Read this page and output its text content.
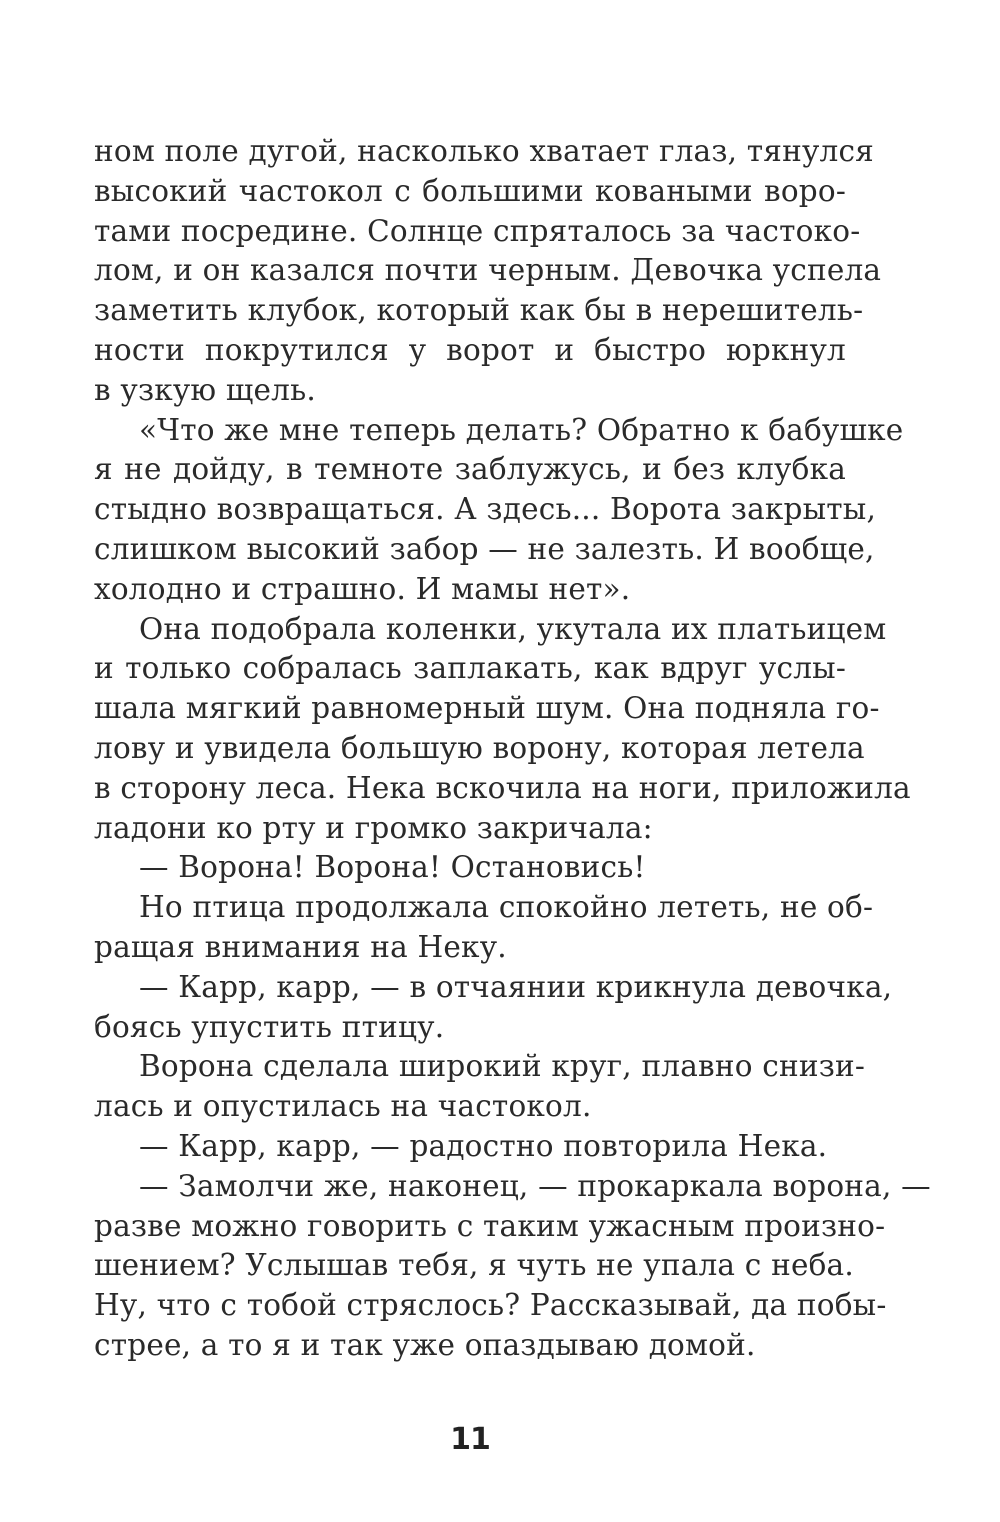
ном поле дугой, насколько хватает глаз, тянулся
высокий частокол с большими коваными воро-
тами посредине. Солнце спряталось за частоко-
лом, и он казался почти черным. Девочка успела
заметить клубок, который как бы в нерешитель-
ности покрутился у ворот и быстро юркнул
в узкую щель.
«Что же мне теперь делать? Обратно к бабушке
я не дойду, в темноте заблужусь, и без клубка
стыдно возвращаться. А здесь... Ворота закрыты,
слишком высокий забор — не залезть. И вообще,
холодно и страшно. И мамы нет».
Она подобрала коленки, укутала их платьицем
и только собралась заплакать, как вдруг услы-
шала мягкий равномерный шум. Она подняла го-
лову и увидела большую ворону, которая летела
в сторону леса. Нека вскочила на ноги, приложила
ладони ко рту и громко закричала:
— Ворона! Ворона! Остановись!
Но птица продолжала спокойно лететь, не об-
ращая внимания на Неку.
— Карр, карр, — в отчаянии крикнула девочка,
боясь упустить птицу.
Ворона сделала широкий круг, плавно снизи-
лась и опустилась на частокол.
— Карр, карр, — радостно повторила Нека.
— Замолчи же, наконец, — прокаркала ворона, —
разве можно говорить с таким ужасным произно-
шением? Услышав тебя, я чуть не упала с неба.
Ну, что с тобой стряслось? Рассказывай, да побы-
стрее, а то я и так уже опаздываю домой.
11
